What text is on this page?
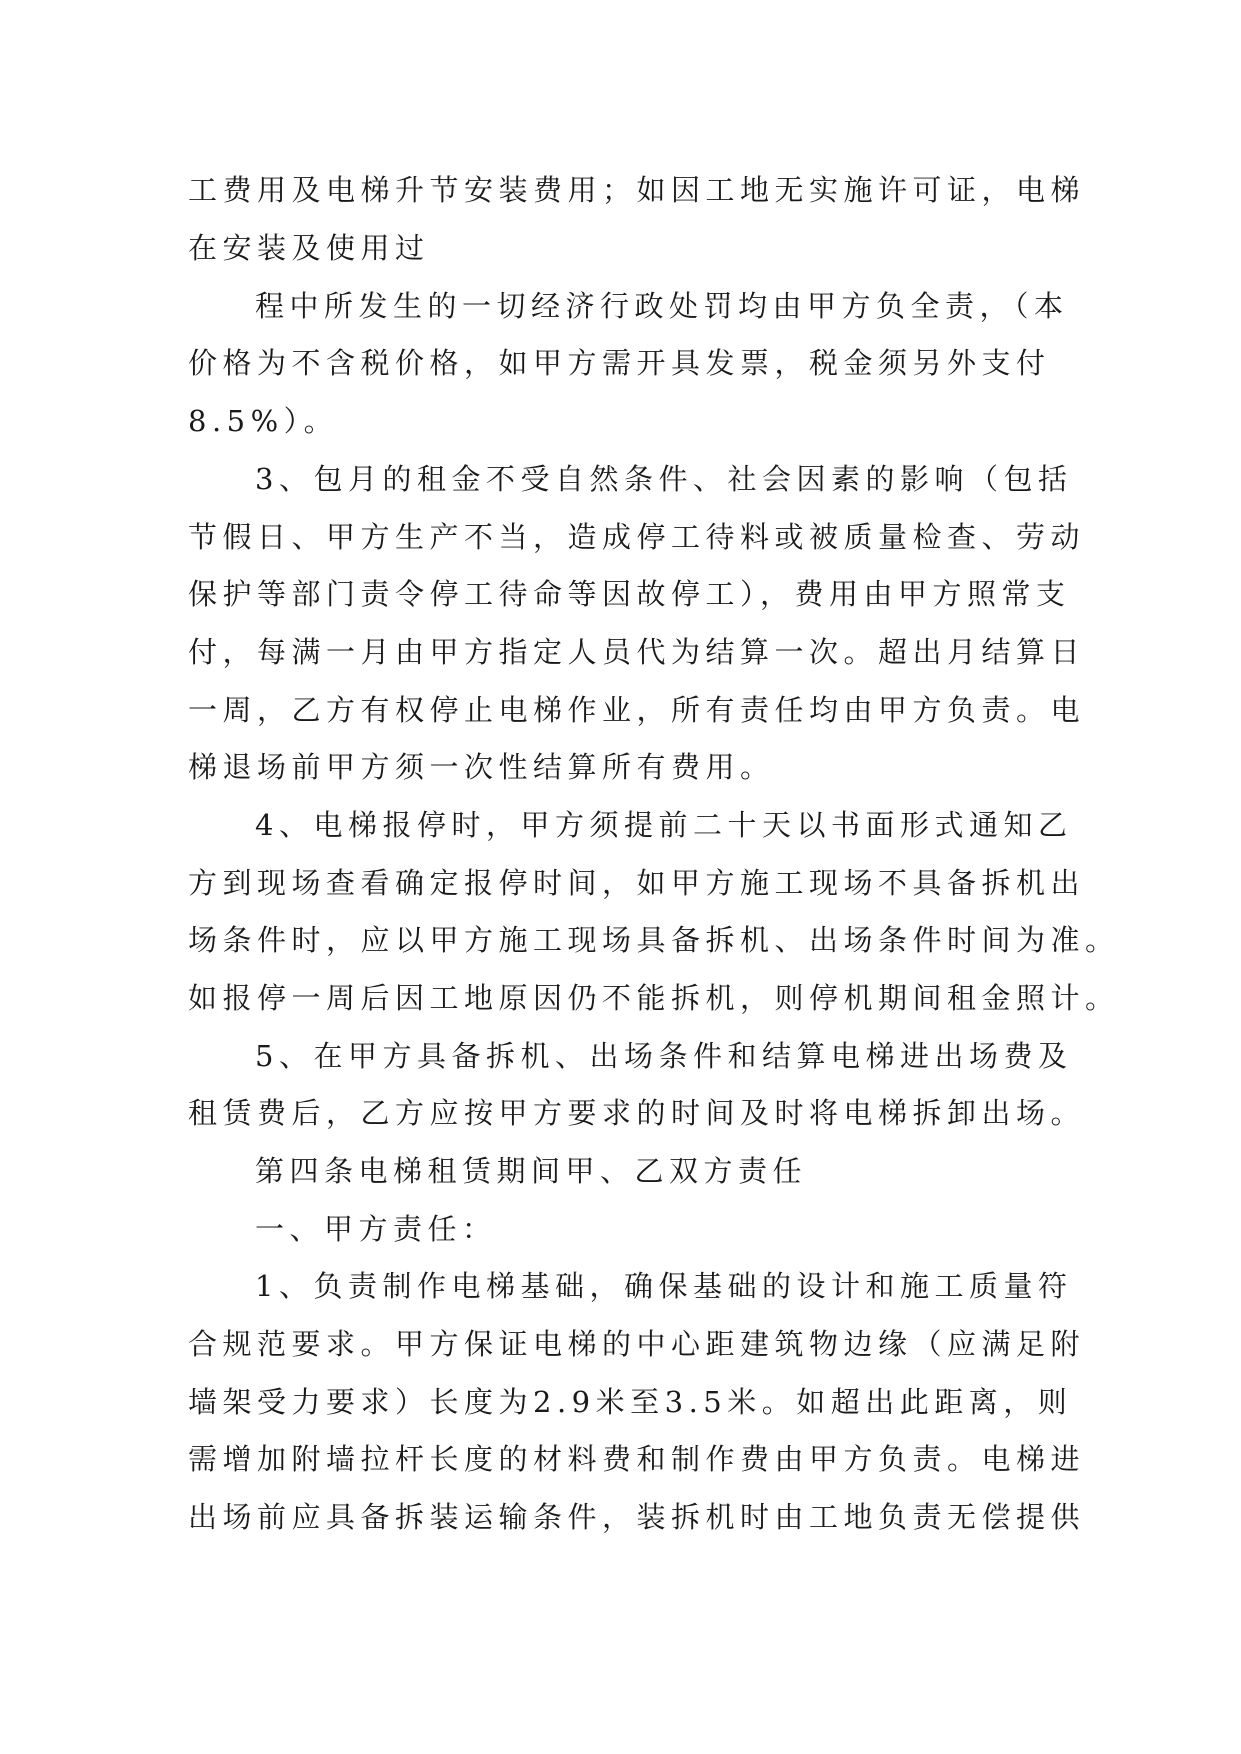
工费用及电梯升节安装费用；如因工地无实施许可证，电梯
在安装及使用过
程中所发生的一切经济行政处罚均由甲方负全责，（本
价格为不含税价格，如甲方需开具发票，税金须另外支付
8.5%）。
3、包月的租金不受自然条件、社会因素的影响（包括
节假日、甲方生产不当，造成停工待料或被质量检查、劳动
保护等部门责令停工待命等因故停工），费用由甲方照常支
付，每满一月由甲方指定人员代为结算一次。超出月结算日
一周，乙方有权停止电梯作业，所有责任均由甲方负责。电
梯退场前甲方须一次性结算所有费用。
4、电梯报停时，甲方须提前二十天以书面形式通知乙
方到现场查看确定报停时间，如甲方施工现场不具备拆机出
场条件时，应以甲方施工现场具备拆机、出场条件时间为准。
如报停一周后因工地原因仍不能拆机，则停机期间租金照计。
5、在甲方具备拆机、出场条件和结算电梯进出场费及
租赁费后，乙方应按甲方要求的时间及时将电梯拆卸出场。
第四条电梯租赁期间甲、乙双方责任
一、甲方责任：
1、负责制作电梯基础，确保基础的设计和施工质量符
合规范要求。甲方保证电梯的中心距建筑物边缘（应满足附
墙架受力要求）长度为2.9米至3.5米。如超出此距离，则
需增加附墙拉杆长度的材料费和制作费由甲方负责。电梯进
出场前应具备拆装运输条件，装拆机时由工地负责无偿提供
